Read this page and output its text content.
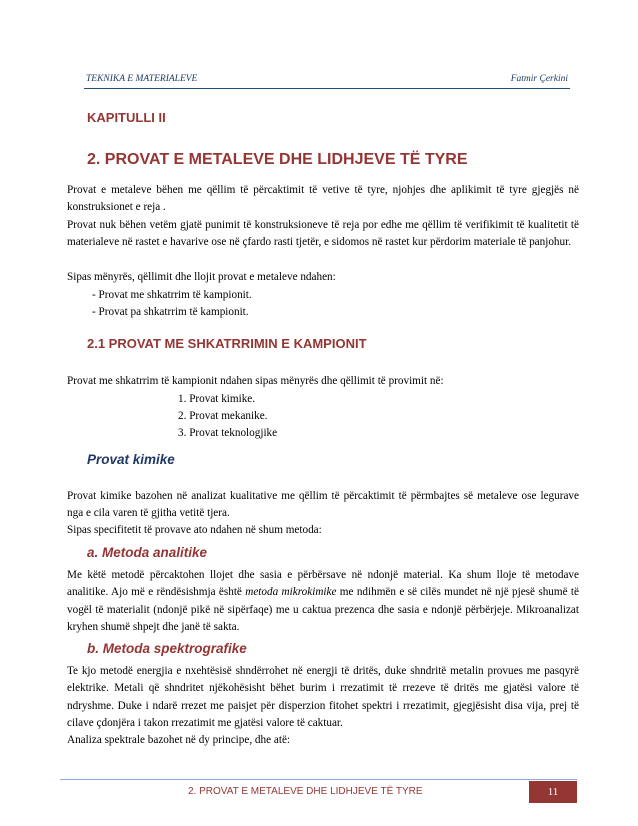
TEKNIKA E MATERIALEVE	Fatmir Çerkini
KAPITULLI II
2. PROVAT E METALEVE DHE LIDHJEVE TË TYRE

Provat e metaleve bëhen me qëllim të përcaktimit të vetive të tyre, njohjes dhe aplikimit të tyre gjegjës në konstruksionet e reja .

Provat nuk bëhen vetëm gjatë punimit të konstruksioneve të reja por edhe me qëllim të verifikimit të kualitetit të materialeve në rastet e havarive ose në çfardo rasti tjetër, e sidomos në rastet kur përdorim materiale të panjohur.

Sipas mënyrës, qëllimit dhe llojit provat e metaleve ndahen:

- Provat me shkatrrim të kampionit.

- Provat pa shkatrrim të kampionit.

2.1 PROVAT ME SHKATRRIMIN E KAMPIONIT

Provat me shkatrrim të kampionit ndahen sipas mënyrës dhe qëllimit të provimit në:

1. Provat kimike.

2. Provat mekanike.

3. Provat teknologjike

Provat kimike

Provat kimike bazohen në analizat kualitative me qëllim të përcaktimit të përmbajtes së metaleve ose legurave nga e cila varen të gjitha vetitë tjera.

Sipas specifitetit të provave ato ndahen në shum metoda:

a. Metoda analitike

Me këtë metodë përcaktohen llojet dhe sasia e përbërsave në ndonjë material. Ka shum lloje të metodave analitike. Ajo më e rëndësishmja është metoda mikrokimike me ndihmën e së cilës mundet në një pjesë shumë të vogël të materialit (ndonjë pikë në sipërfaqe) me u caktua prezenca dhe sasia e ndonjë përbërjeje. Mikroanalizat kryhen shumë shpejt dhe janë të sakta.

b. Metoda spektrografike

Te kjo metodë energjia e nxehtësisë shndërrohet në energji të dritës, duke shndritë metalin provues me pasqyrë elektrike. Metali që shndritet njëkohësisht bëhet burim i rrezatimit të rrezeve të dritës me gjatësi valore të ndryshme. Duke i ndarë rrezet me paisjet për disperzion fitohet spektri i rrezatimit, gjegjësisht disa vija, prej të cilave çdonjëra i takon rrezatimit me gjatësi valore të caktuar.

Analiza spektrale bazohet në dy principe, dhe atë:

2. PROVAT E METALEVE DHE LIDHJEVE TË TYRE	11
